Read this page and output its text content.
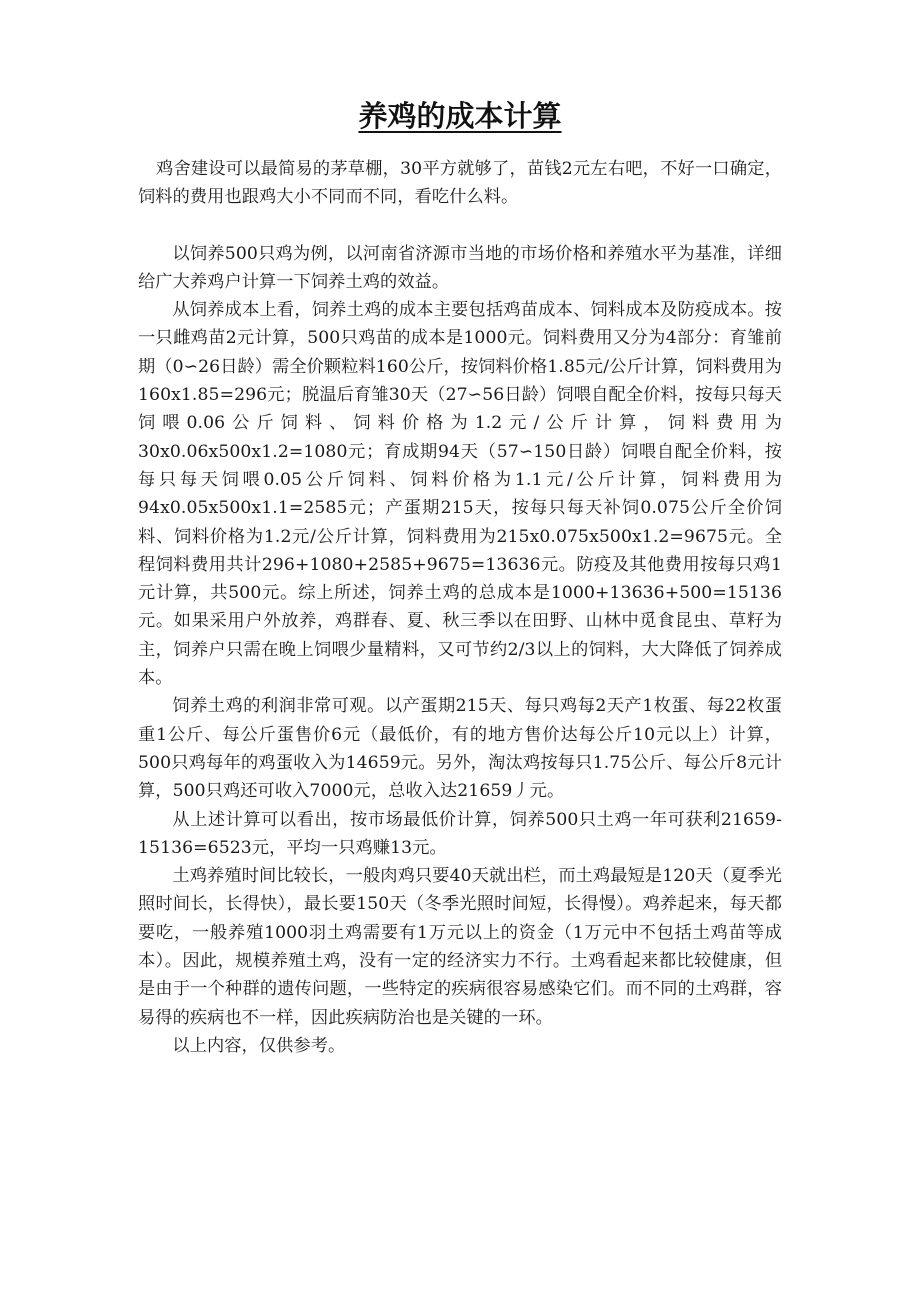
养鸡的成本计算

鸡舍建设可以最简易的茅草棚，30平方就够了，苗钱2元左右吧，不好一口确定，饲料的费用也跟鸡大小不同而不同，看吃什么料。

以饲养500只鸡为例，以河南省济源市当地的市场价格和养殖水平为基准，详细给广大养鸡户计算一下饲养土鸡的效益。

从饲养成本上看，饲养土鸡的成本主要包括鸡苗成本、饲料成本及防疫成本。按一只雌鸡苗2元计算，500只鸡苗的成本是1000元。饲料费用又分为4部分：育雏前期（0∽26日龄）需全价颗粒料160公斤，按饲料价格1.85元/公斤计算，饲料费用为160x1.85=296元；脱温后育雏30天（27∽56日龄）饲喂自配全价料，按每只每天饲喂0.06公斤饲料、饲料价格为1.2元/公斤计算，饲料费用为30x0.06x500x1.2=1080元；育成期94天（57∽150日龄）饲喂自配全价料，按每只每天饲喂0.05公斤饲料、饲料价格为1.1元/公斤计算，饲料费用为94x0.05x500x1.1=2585元；产蛋期215天，按每只每天补饲0.075公斤全价饲料、饲料价格为1.2元/公斤计算，饲料费用为215x0.075x500x1.2=9675元。全程饲料费用共计296+1080+2585+9675=13636元。防疫及其他费用按每只鸡1元计算，共500元。综上所述，饲养土鸡的总成本是1000+13636+500=15136元。如果采用户外放养，鸡群春、夏、秋三季以在田野、山林中觅食昆虫、草籽为主，饲养户只需在晚上饲喂少量精料，又可节约2/3以上的饲料，大大降低了饲养成本。

饲养土鸡的利润非常可观。以产蛋期215天、每只鸡每2天产1枚蛋、每22枚蛋重1公斤、每公斤蛋售价6元（最低价，有的地方售价达每公斤10元以上）计算，500只鸡每年的鸡蛋收入为14659元。另外，淘汰鸡按每只1.75公斤、每公斤8元计算，500只鸡还可收入7000元，总收入达21659丿元。

从上述计算可以看出，按市场最低价计算，饲养500只土鸡一年可获利21659-15136=6523元，平均一只鸡赚13元。

土鸡养殖时间比较长，一般肉鸡只要40天就出栏，而土鸡最短是120天（夏季光照时间长，长得快），最长要150天（冬季光照时间短，长得慢）。鸡养起来，每天都要吃，一般养殖1000羽土鸡需要有1万元以上的资金（1万元中不包括土鸡苗等成本）。因此，规模养殖土鸡，没有一定的经济实力不行。土鸡看起来都比较健康，但是由于一个种群的遗传问题，一些特定的疾病很容易感染它们。而不同的土鸡群，容易得的疾病也不一样，因此疾病防治也是关键的一环。

以上内容，仅供参考。
